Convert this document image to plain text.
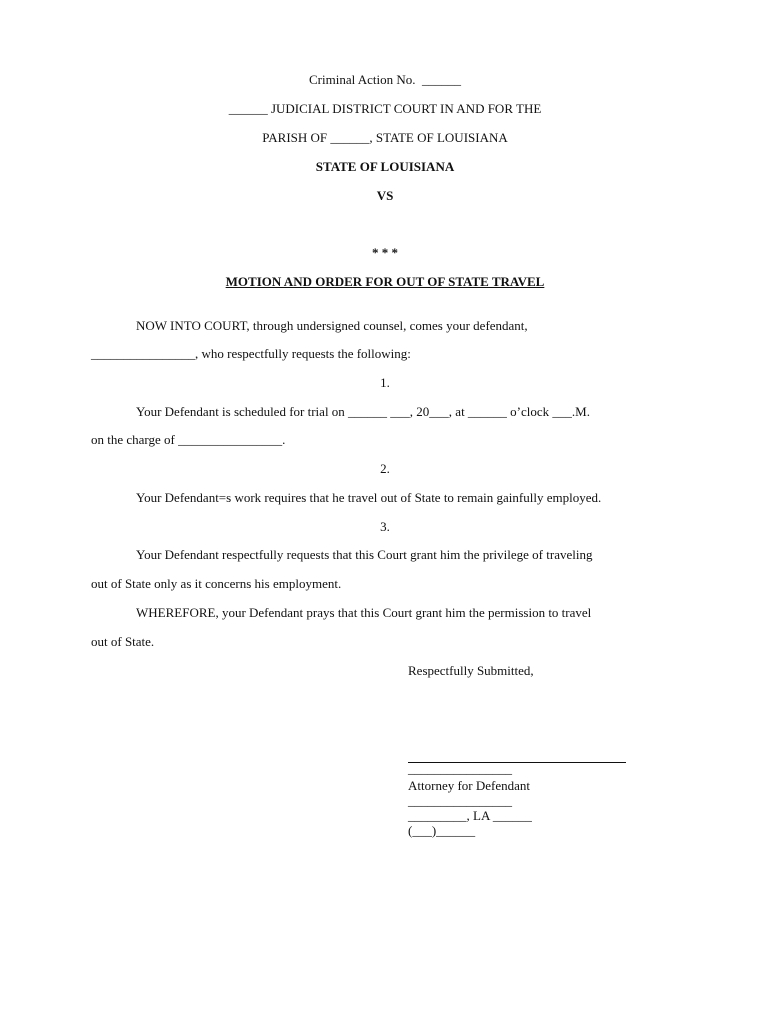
Criminal Action No.  ______
______ JUDICIAL DISTRICT COURT IN AND FOR THE
PARISH OF ______, STATE OF LOUISIANA
STATE OF LOUISIANA
VS
* * *
MOTION AND ORDER FOR OUT OF STATE TRAVEL
NOW INTO COURT, through undersigned counsel, comes your defendant,
________________, who respectfully requests the following:
1.
Your Defendant is scheduled for trial on ______ ___, 20___, at ______ o’clock ___.M.
on the charge of ________________.
2.
Your Defendant=s work requires that he travel out of State to remain gainfully employed.
3.
Your Defendant respectfully requests that this Court grant him the privilege of traveling
out of State only as it concerns his employment.
WHEREFORE, your Defendant prays that this Court grant him the permission to travel
out of State.
Respectfully Submitted,
________________
Attorney for Defendant
________________
_________, LA ______
(___)______
